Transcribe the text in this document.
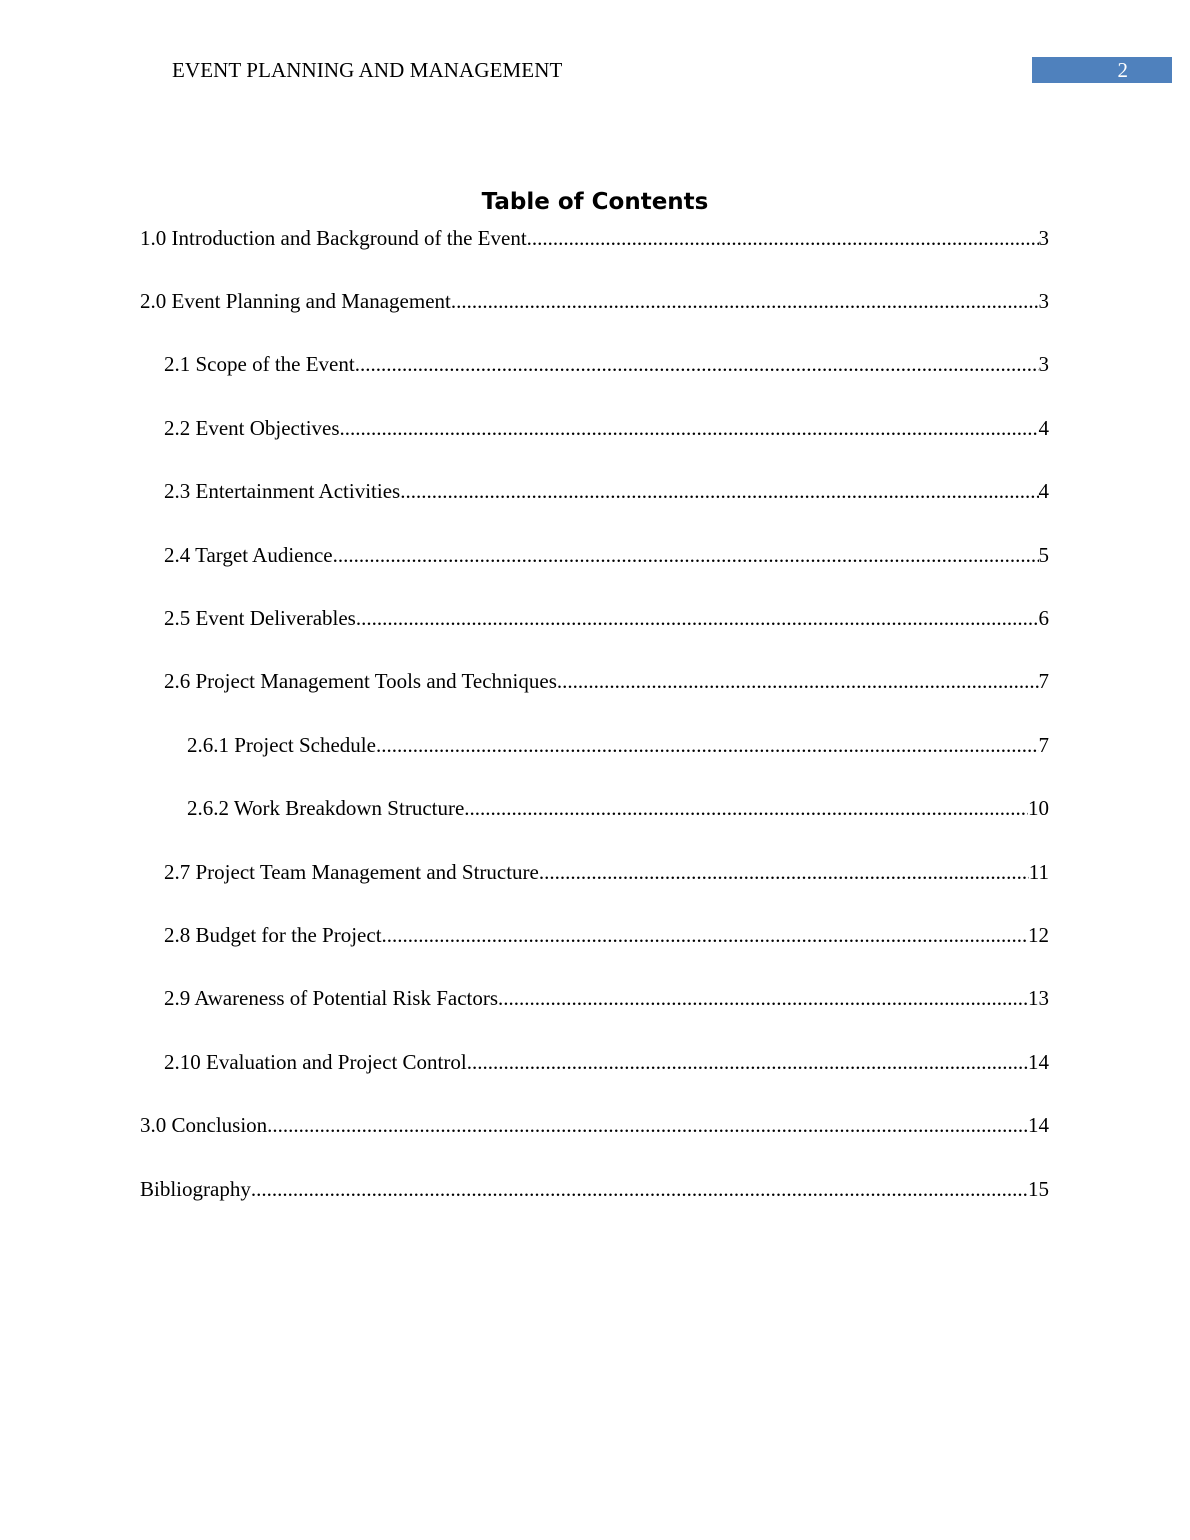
EVENT PLANNING AND MANAGEMENT	2
Table of Contents
1.0 Introduction and Background of the Event .....	3
2.0 Event Planning and Management .....	3
2.1 Scope of the Event .....	3
2.2 Event Objectives .....	4
2.3 Entertainment Activities .....	4
2.4 Target Audience .....	5
2.5 Event Deliverables .....	6
2.6 Project Management Tools and Techniques .....	7
2.6.1 Project Schedule .....	7
2.6.2 Work Breakdown Structure .....	10
2.7 Project Team Management and Structure .....	11
2.8 Budget for the Project .....	12
2.9 Awareness of Potential Risk Factors .....	13
2.10 Evaluation and Project Control .....	14
3.0 Conclusion .....	14
Bibliography .....	15
